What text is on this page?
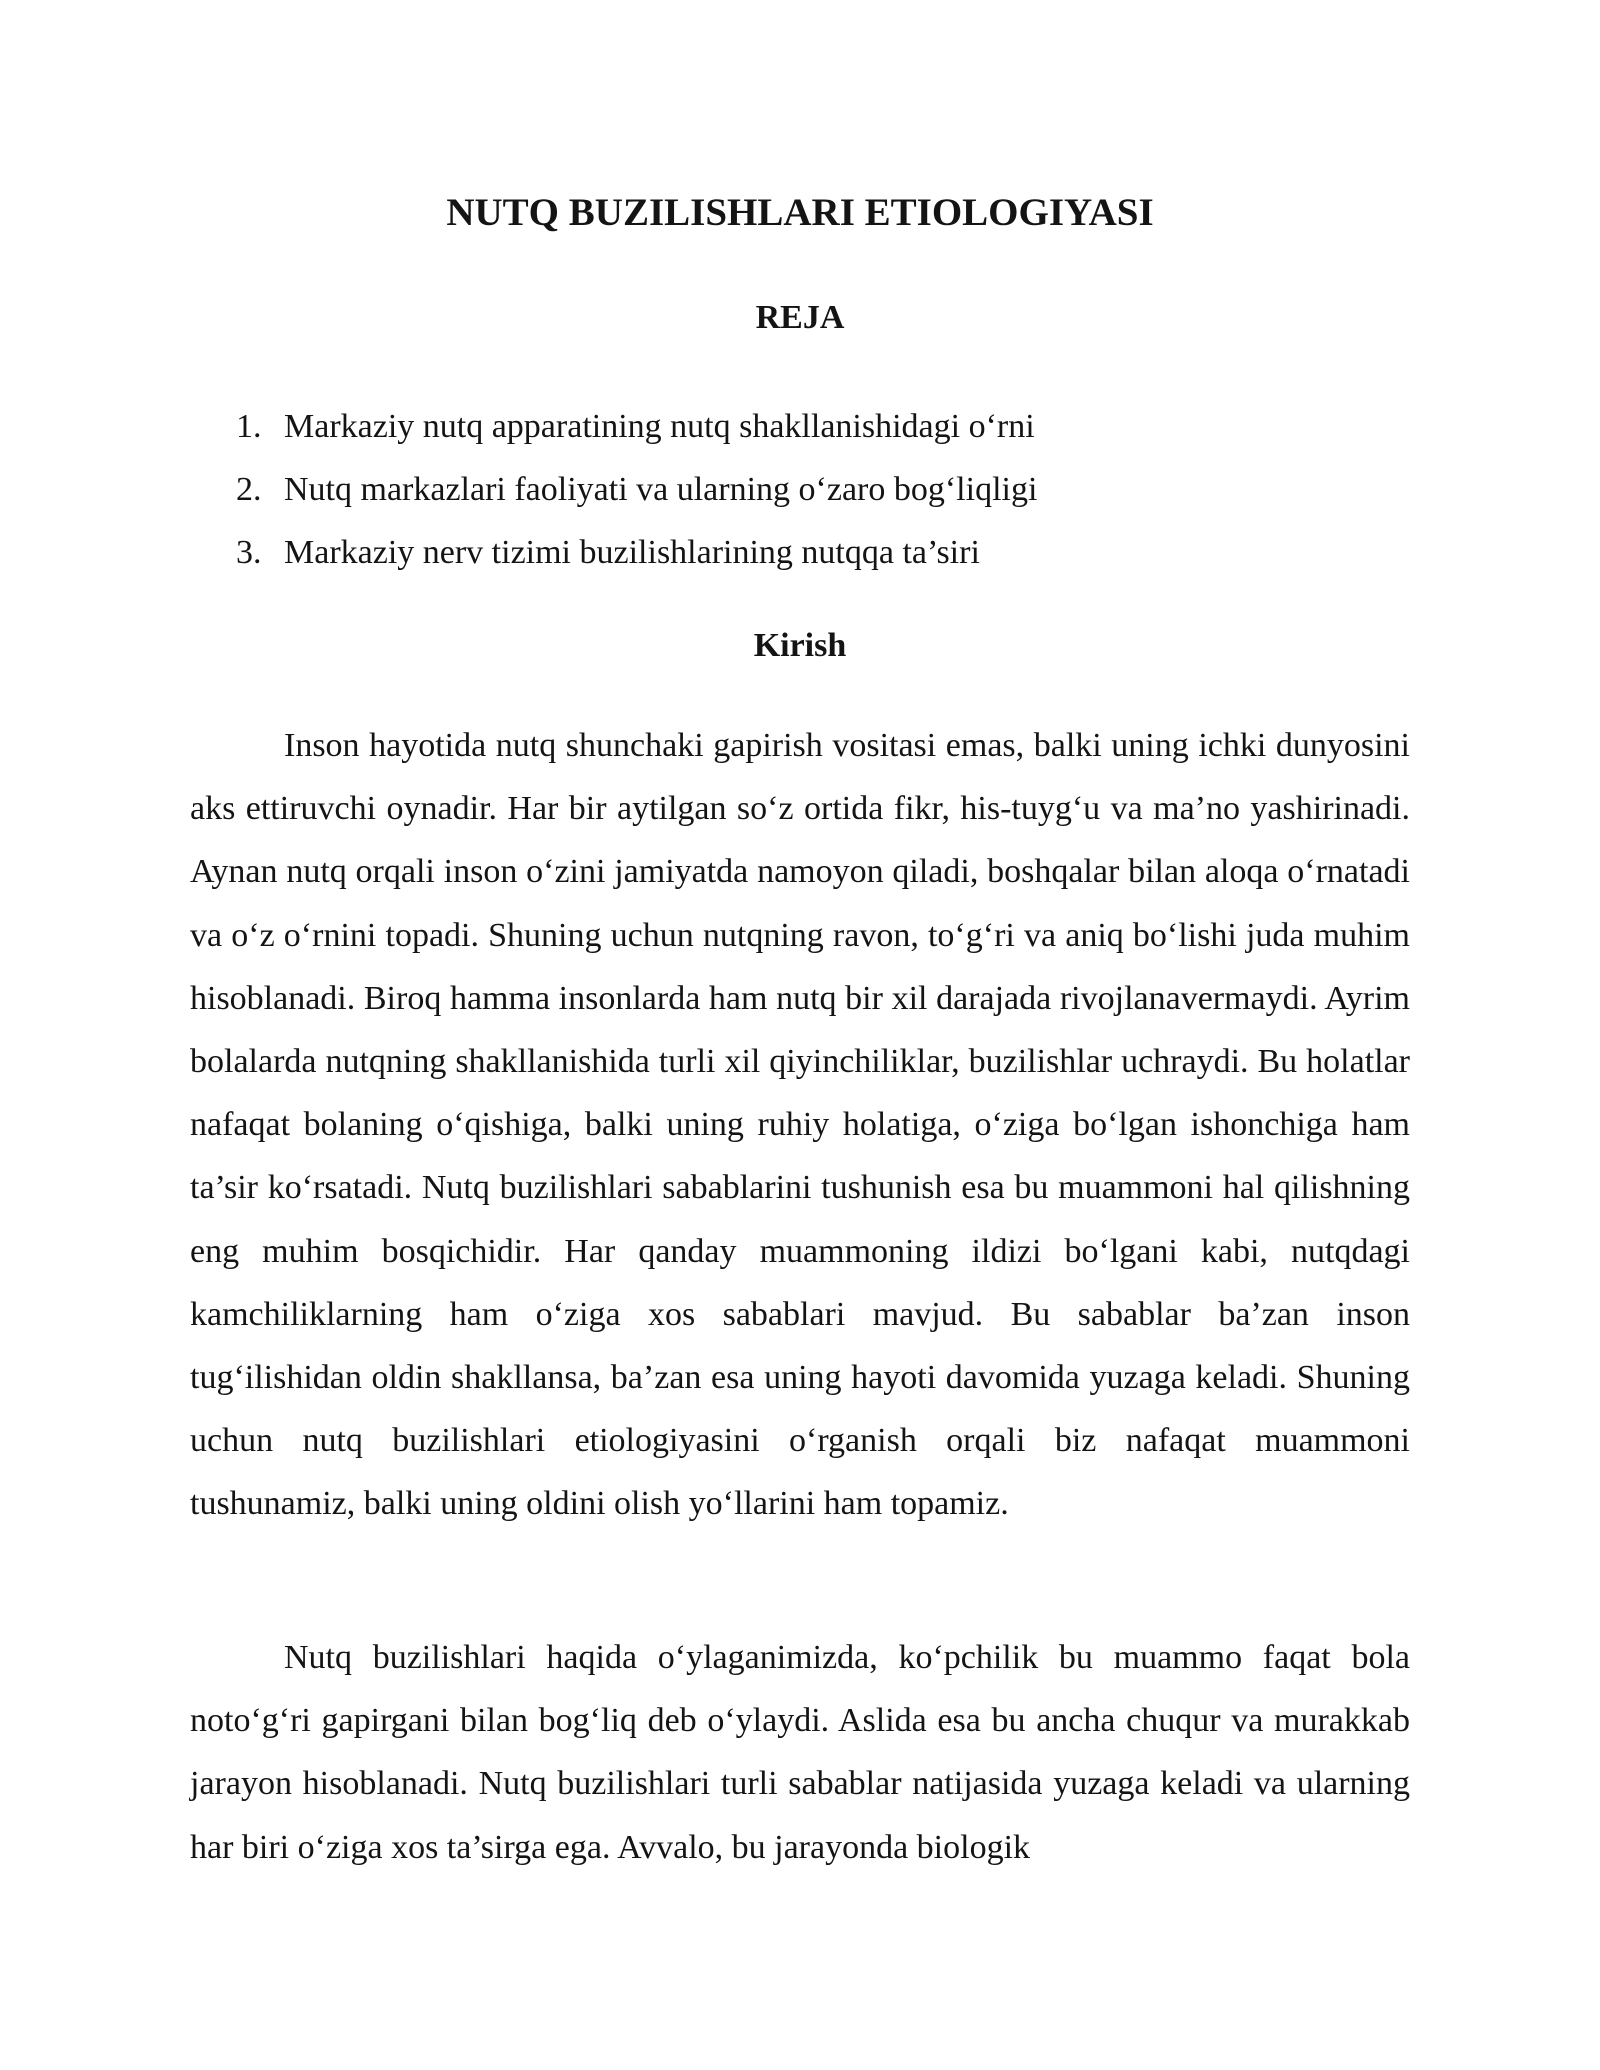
NUTQ BUZILISHLARI ETIOLOGIYASI
REJA
1. Markaziy nutq apparatining nutq shakllanishidagi o‘rni
2. Nutq markazlari faoliyati va ularning o‘zaro bog‘liqligi
3. Markaziy nerv tizimi buzilishlarining nutqqa ta’siri
Kirish

Inson hayotida nutq shunchaki gapirish vositasi emas, balki uning ichki dunyosini aks ettiruvchi oynadir. Har bir aytilgan so‘z ortida fikr, his-tuyg‘u va ma’no yashirinadi. Aynan nutq orqali inson o‘zini jamiyatda namoyon qiladi, boshqalar bilan aloqa o‘rnatadi va o‘z o‘rnini topadi. Shuning uchun nutqning ravon, to‘g‘ri va aniq bo‘lishi juda muhim hisoblanadi. Biroq hamma insonlarda ham nutq bir xil darajada rivojlanavermaydi. Ayrim bolalarda nutqning shakllanishida turli xil qiyinchiliklar, buzilishlar uchraydi. Bu holatlar nafaqat bolaning o‘qishiga, balki uning ruhiy holatiga, o‘ziga bo‘lgan ishonchiga ham ta’sir ko‘rsatadi. Nutq buzilishlari sabablarini tushunish esa bu muammoni hal qilishning eng muhim bosqichidir. Har qanday muammoning ildizi bo‘lgani kabi, nutqdagi kamchiliklarning ham o‘ziga xos sabablari mavjud. Bu sabablar ba’zan inson tug‘ilishidan oldin shakllansa, ba’zan esa uning hayoti davomida yuzaga keladi. Shuning uchun nutq buzilishlari etiologiyasini o‘rganish orqali biz nafaqat muammoni tushunamiz, balki uning oldini olish yo‘llarini ham topamiz.

Nutq buzilishlari haqida o‘ylaganimizda, ko‘pchilik bu muammo faqat bola noto‘g‘ri gapirgani bilan bog‘liq deb o‘ylaydi. Aslida esa bu ancha chuqur va murakkab jarayon hisoblanadi. Nutq buzilishlari turli sabablar natijasida yuzaga keladi va ularning har biri o‘ziga xos ta’sirga ega. Avvalo, bu jarayonda biologik
